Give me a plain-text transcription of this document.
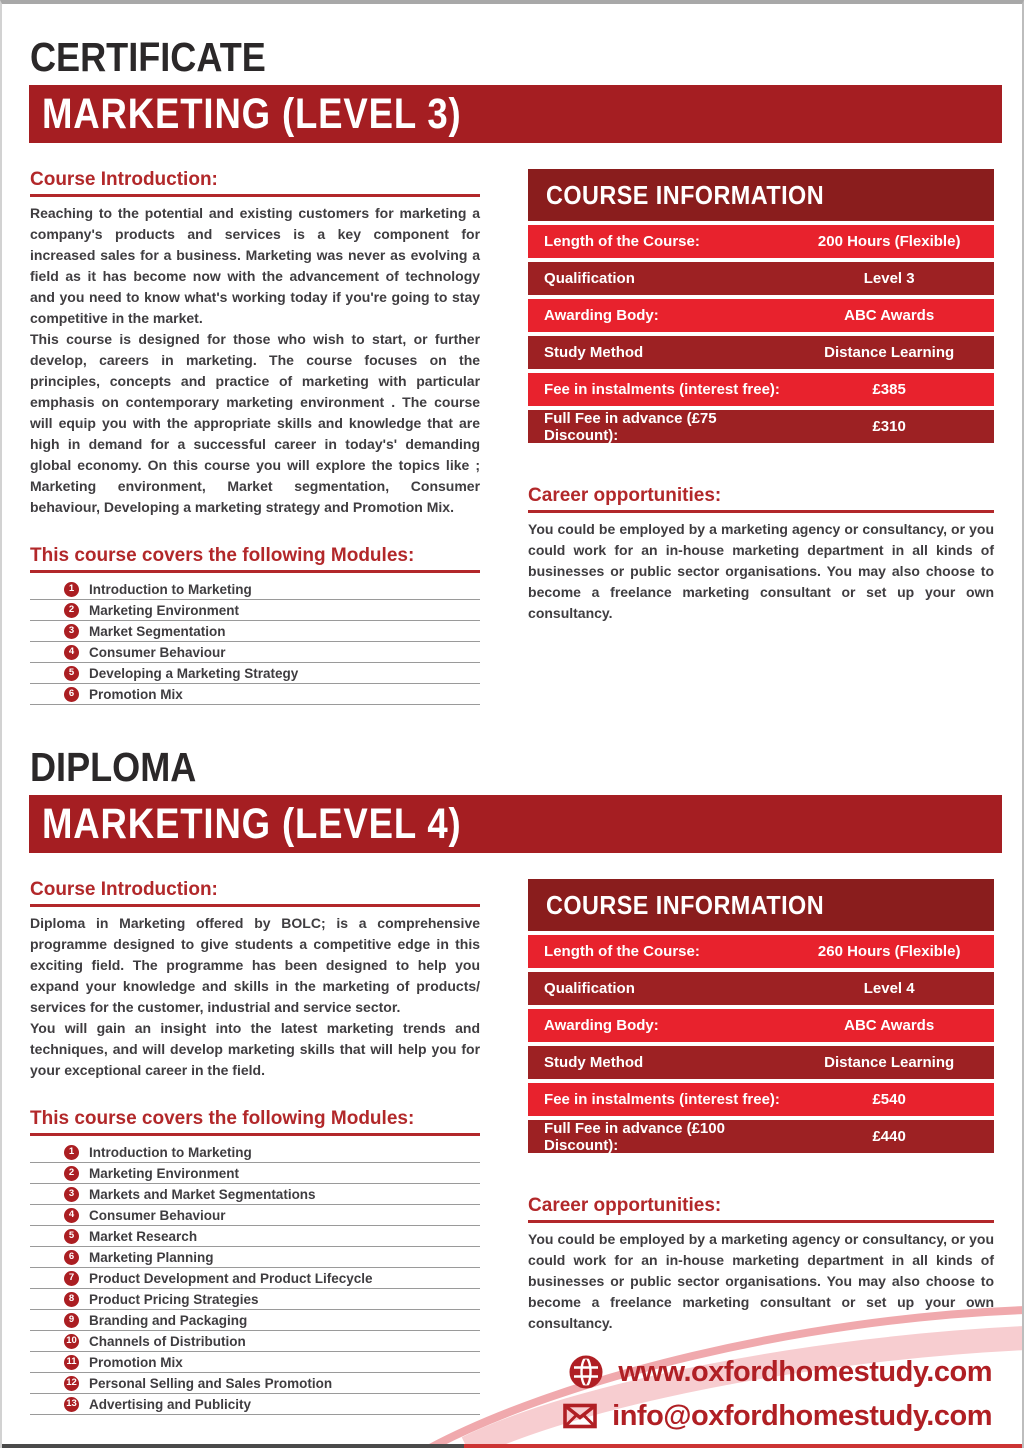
CERTIFICATE
MARKETING (LEVEL 3)
Course Introduction:

Reaching to the potential and existing customers for marketing a company's products and services is a key component for increased sales for a business. Marketing was never as evolving a field as it has become now with the advancement of technology and you need to know what's working today if you're going to stay competitive in the market.

This course is designed for those who wish to start, or further develop, careers in marketing. The course focuses on the principles, concepts and practice of marketing with particular emphasis on contemporary marketing environment . The course will equip you with the appropriate skills and knowledge that are high in demand for a successful career in today's' demanding global economy. On this course you will explore the topics like ; Marketing environment, Market segmentation, Consumer behaviour, Developing a marketing strategy and Promotion Mix.

This course covers the following Modules:
1	Introduction to Marketing
2	Marketing Environment
3	Market Segmentation
4	Consumer Behaviour
5	Developing a Marketing Strategy
6	Promotion Mix
COURSE INFORMATION
Length of the Course:	200 Hours (Flexible)
Qualification	Level 3
Awarding Body:	ABC Awards
Study Method	Distance Learning
Fee in instalments (interest free):	£385
Full Fee in advance (£75 Discount):	£310
Career opportunities:

You could be employed by a marketing agency or consultancy, or you could work for an in-house marketing department in all kinds of businesses or public sector organisations. You may also choose to become a freelance marketing consultant or set up your own consultancy.

DIPLOMA
MARKETING (LEVEL 4)
Course Introduction:

Diploma in Marketing offered by BOLC; is a comprehensive programme designed to give students a competitive edge in this exciting field. The programme has been designed to help you expand your knowledge and skills in the marketing of products/ services for the customer, industrial and service sector.

You will gain an insight into the latest marketing trends and techniques, and will develop marketing skills that will help you for your exceptional career in the field.

This course covers the following Modules:
1	Introduction to Marketing
2	Marketing Environment
3	Markets and Market Segmentations
4	Consumer Behaviour
5	Market Research
6	Marketing Planning
7	Product Development and Product Lifecycle
8	Product Pricing Strategies
9	Branding and Packaging
10 Channels of Distribution
11 Promotion Mix
12 Personal Selling and Sales Promotion
13 Advertising and Publicity
COURSE INFORMATION
Length of the Course:	260 Hours (Flexible)
Qualification	Level 4
Awarding Body:	ABC Awards
Study Method	Distance Learning
Fee in instalments (interest free):	£540
Full Fee in advance (£100 Discount):	£440
Career opportunities:

You could be employed by a marketing agency or consultancy, or you could work for an in-house marketing department in all kinds of businesses or public sector organisations. You may also choose to become a freelance marketing consultant or set up your own consultancy.

www.oxfordhomestudy.com
info@oxfordhomestudy.com
